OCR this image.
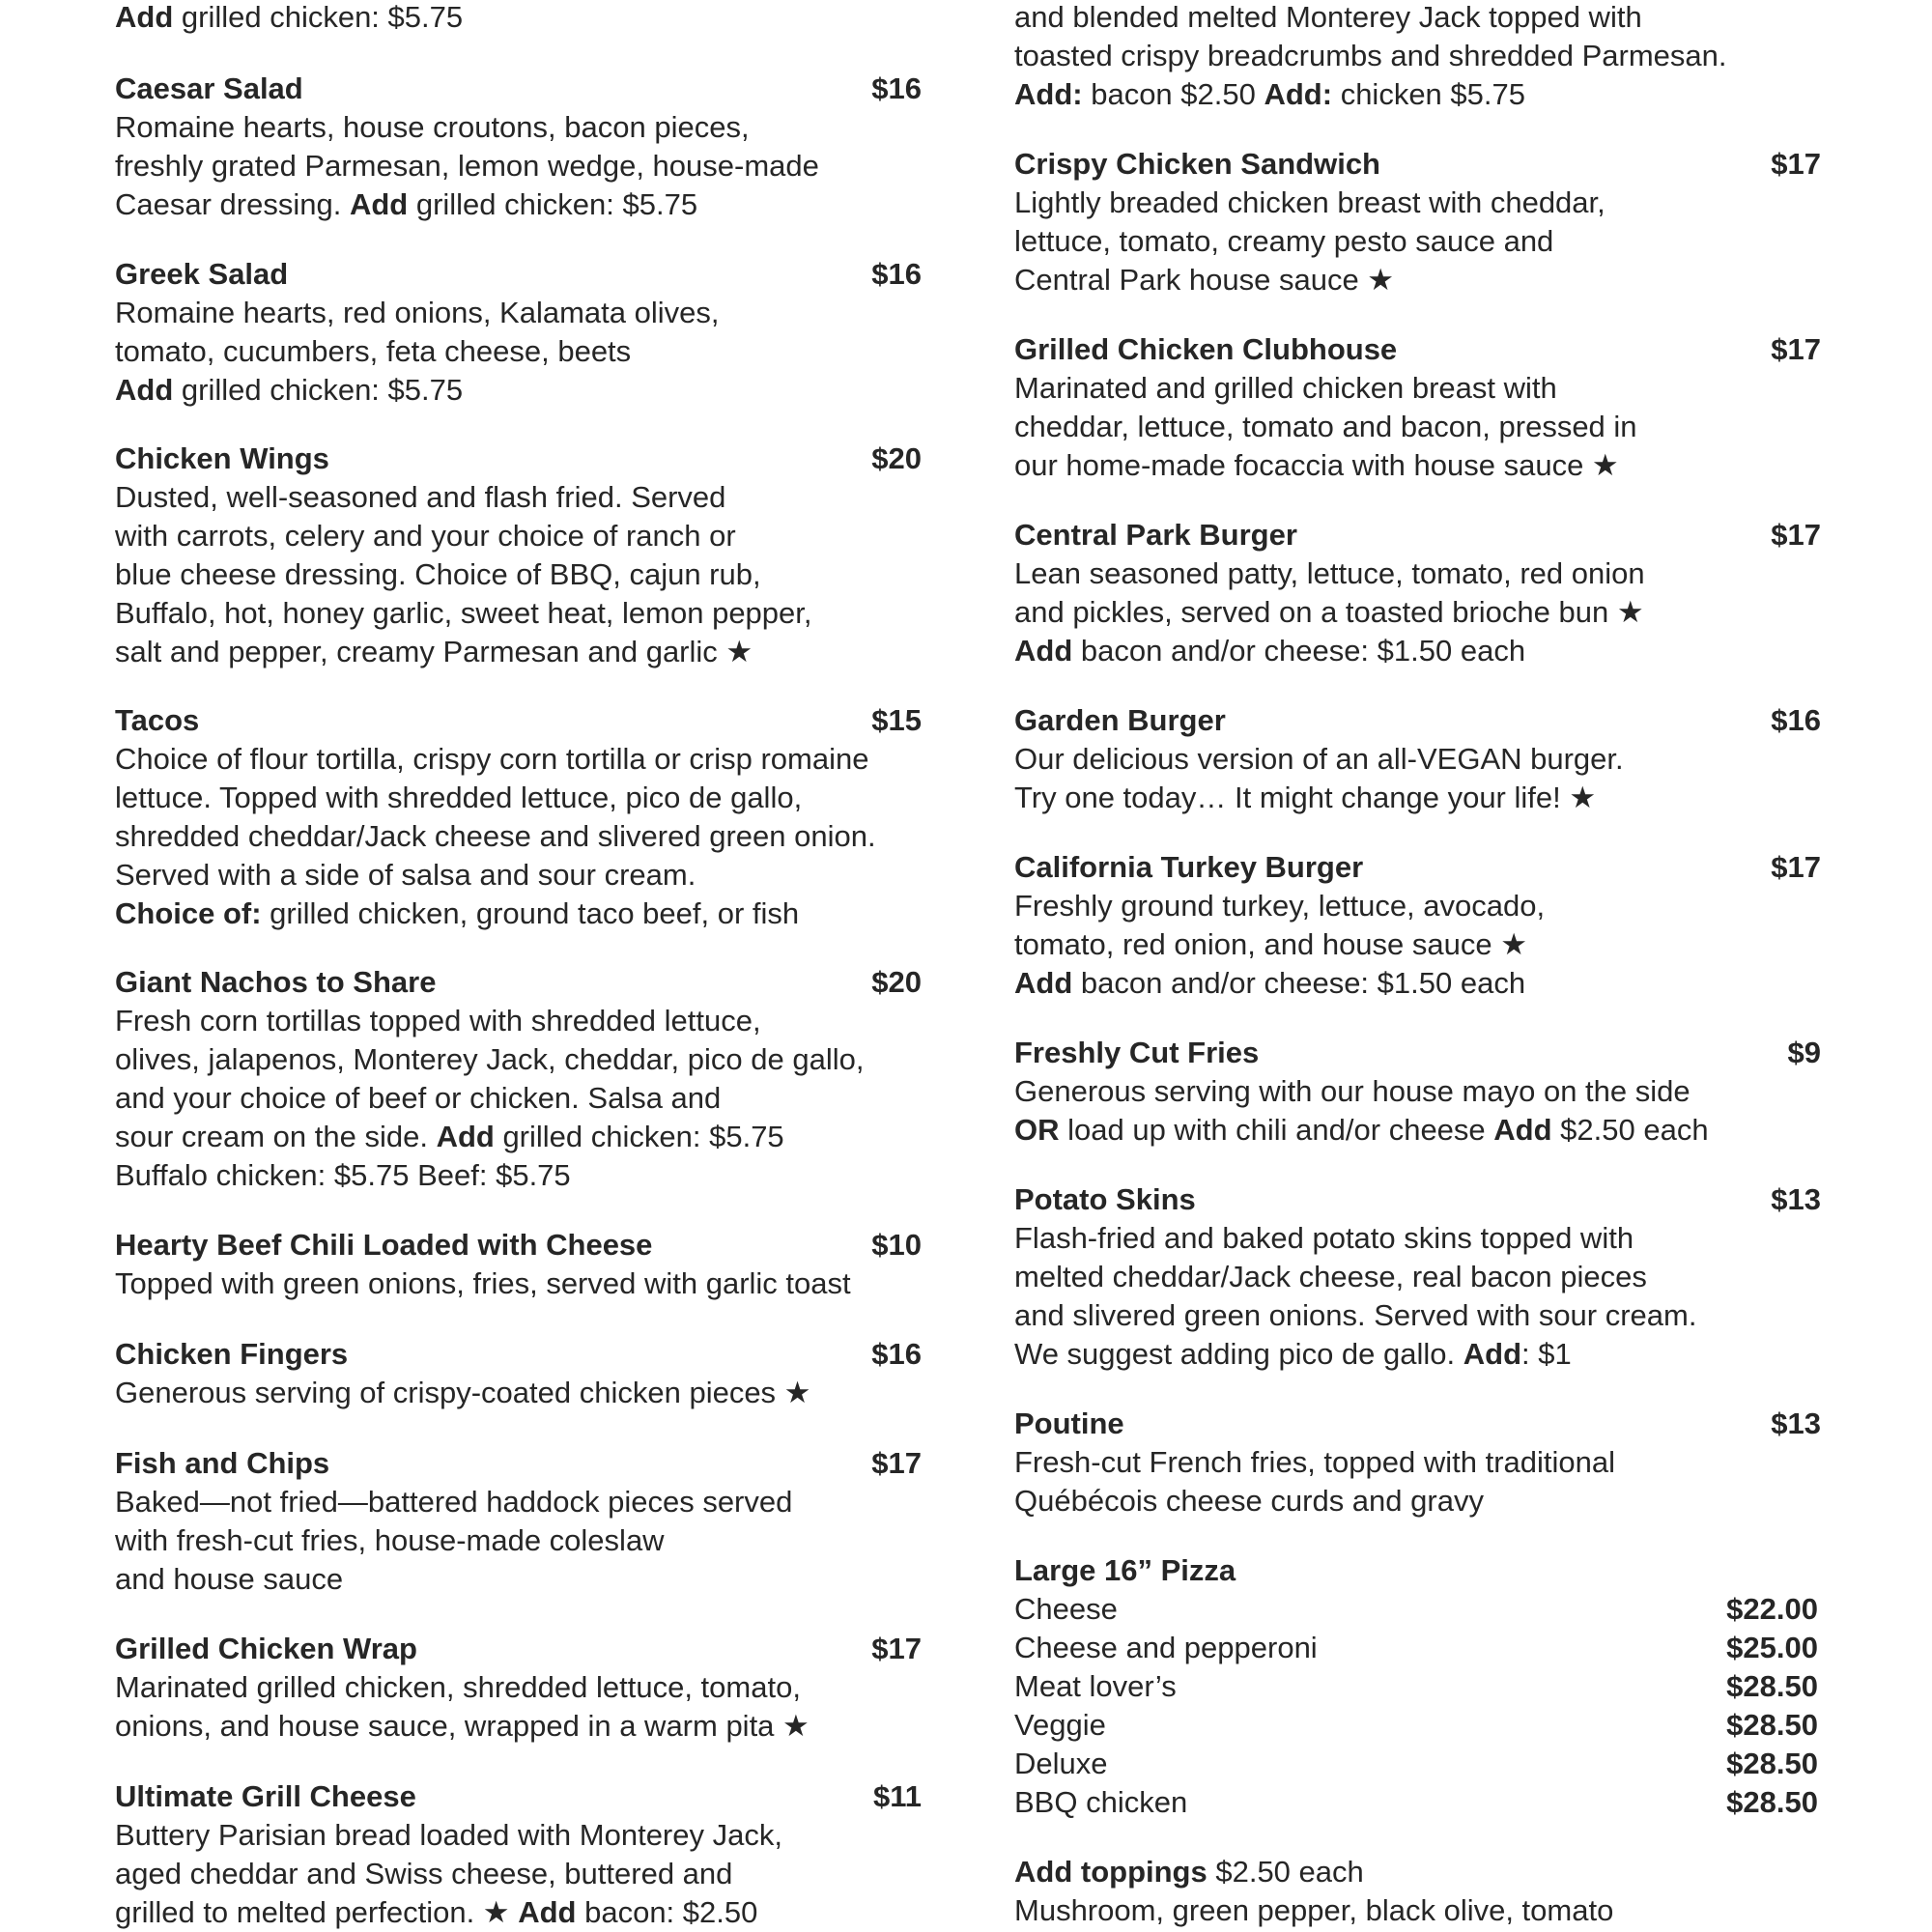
Add grilled chicken: $5.75
Caesar Salad	$16
Romaine hearts, house croutons, bacon pieces,
freshly grated Parmesan, lemon wedge, house-made
Caesar dressing. Add grilled chicken: $5.75
Greek Salad	$16
Romaine hearts, red onions, Kalamata olives,
tomato, cucumbers, feta cheese, beets
Add grilled chicken: $5.75
Chicken Wings	$20
Dusted, well-seasoned and flash fried. Served
with carrots, celery and your choice of ranch or
blue cheese dressing. Choice of BBQ, cajun rub,
Buffalo, hot, honey garlic, sweet heat, lemon pepper,
salt and pepper, creamy Parmesan and garlic ★
Tacos	$15
Choice of flour tortilla, crispy corn tortilla or crisp romaine
lettuce. Topped with shredded lettuce, pico de gallo,
shredded cheddar/Jack cheese and slivered green onion.
Served with a side of salsa and sour cream.
Choice of: grilled chicken, ground taco beef, or fish
Giant Nachos to Share	$20
Fresh corn tortillas topped with shredded lettuce,
olives, jalapenos, Monterey Jack, cheddar, pico de gallo,
and your choice of beef or chicken. Salsa and
sour cream on the side. Add grilled chicken: $5.75
Buffalo chicken: $5.75 Beef: $5.75
Hearty Beef Chili Loaded with Cheese	$10
Topped with green onions, fries, served with garlic toast
Chicken Fingers	$16
Generous serving of crispy-coated chicken pieces ★
Fish and Chips	$17
Baked—not fried—battered haddock pieces served
with fresh-cut fries, house-made coleslaw
and house sauce
Grilled Chicken Wrap	$17
Marinated grilled chicken, shredded lettuce, tomato,
onions, and house sauce, wrapped in a warm pita ★
Ultimate Grill Cheese	$11
Buttery Parisian bread loaded with Monterey Jack,
aged cheddar and Swiss cheese, buttered and
grilled to melted perfection. ★ Add bacon: $2.50
and blended melted Monterey Jack topped with
toasted crispy breadcrumbs and shredded Parmesan.
Add: bacon $2.50 Add: chicken $5.75
Crispy Chicken Sandwich	$17
Lightly breaded chicken breast with cheddar,
lettuce, tomato, creamy pesto sauce and
Central Park house sauce ★
Grilled Chicken Clubhouse	$17
Marinated and grilled chicken breast with
cheddar, lettuce, tomato and bacon, pressed in
our home-made focaccia with house sauce ★
Central Park Burger	$17
Lean seasoned patty, lettuce, tomato, red onion
and pickles, served on a toasted brioche bun ★
Add bacon and/or cheese: $1.50 each
Garden Burger	$16
Our delicious version of an all-VEGAN burger.
Try one today… It might change your life! ★
California Turkey Burger	$17
Freshly ground turkey, lettuce, avocado,
tomato, red onion, and house sauce ★
Add bacon and/or cheese: $1.50 each
Freshly Cut Fries	$9
Generous serving with our house mayo on the side
OR load up with chili and/or cheese Add $2.50 each
Potato Skins	$13
Flash-fried and baked potato skins topped with
melted cheddar/Jack cheese, real bacon pieces
and slivered green onions. Served with sour cream.
We suggest adding pico de gallo. Add: $1
Poutine	$13
Fresh-cut French fries, topped with traditional
Québécois cheese curds and gravy
Large 16” Pizza
Cheese	$22.00
Cheese and pepperoni	$25.00
Meat lover’s	$28.50
Veggie	$28.50
Deluxe	$28.50
BBQ chicken	$28.50
Add toppings $2.50 each
Mushroom, green pepper, black olive, tomato
